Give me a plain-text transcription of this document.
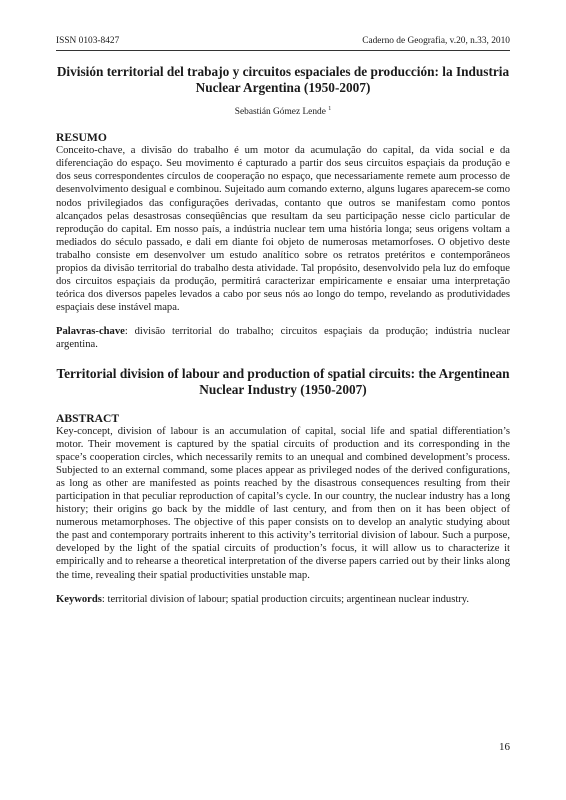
ISSN 0103-8427	Caderno de Geografia, v.20, n.33, 2010
División territorial del trabajo y circuitos espaciales de producción: la Industria Nuclear Argentina (1950-2007)
Sebastián Gómez Lende $^1$
RESUMO

Conceito-chave, a divisão do trabalho é um motor da acumulação do capital, da vida social e da diferenciação do espaço. Seu movimento é capturado a partir dos seus circuitos espaçiais da produção e dos seus correspondentes círculos de cooperação no espaço, que necessariamente remete aum processo de desenvolvimento desigual e combinou. Sujeitado aum comando externo, alguns lugares aparecem-se como nodos privilegiados das configurações derivadas, contanto que outros se manifestam como pontos alcançados pelas desastrosas conseqüências que resultam da seu participação nesse ciclo particular de reprodução do capital. Em nosso país, a indústria nuclear tem uma história longa; seus origens voltam a mediados do século passado, e dali em diante foi objeto de numerosas metamorfoses. O objetivo deste trabalho consiste em desenvolver um estudo analítico sobre os retratos pretéritos e contemporâneos propios da divisão territorial do trabalho desta atividade. Tal propósito, desenvolvido pela luz do emfoque dos circuitos espaçiais da produção, permitirá caracterizar empiricamente e ensaiar uma interpretação teórica dos diversos papeles levados a cabo por seus nós ao longo do tempo, revelando as produtividades espaçiais dese instável mapa.

Palavras-chave: divisão territorial do trabalho; circuitos espaçiais da produção; indústria nuclear argentina.
Territorial division of labour and production of spatial circuits: the Argentinean Nuclear Industry (1950-2007)
ABSTRACT

Key-concept, division of labour is an accumulation of capital, social life and spatial differentiation’s motor. Their movement is captured by the spatial circuits of production and its corresponding in the space’s cooperation circles, which necessarily remits to an unequal and combined development’s process. Subjected to an external command, some places appear as privileged nodes of the derived configurations, as long as other are manifested as points reached by the disastrous consequences resulting from their participation in that peculiar reproduction of capital’s cycle. In our country, the nuclear industry has a long history; their origins go back by the middle of last century, and from then on it has been object of numerous metamorphoses. The objective of this paper consists on to develop an analytic studying about the past and contemporary portraits inherent to this activity’s territorial division of labour. Such a purpose, developed by the light of the spatial circuits of production’s focus, it will allow us to characterize it empirically and to rehearse a theoretical interpretation of the diverse papers carried out by their links along the time, revealing their spatial productivities unstable map.

Keywords: territorial division of labour; spatial production circuits; argentinean nuclear industry.
16
